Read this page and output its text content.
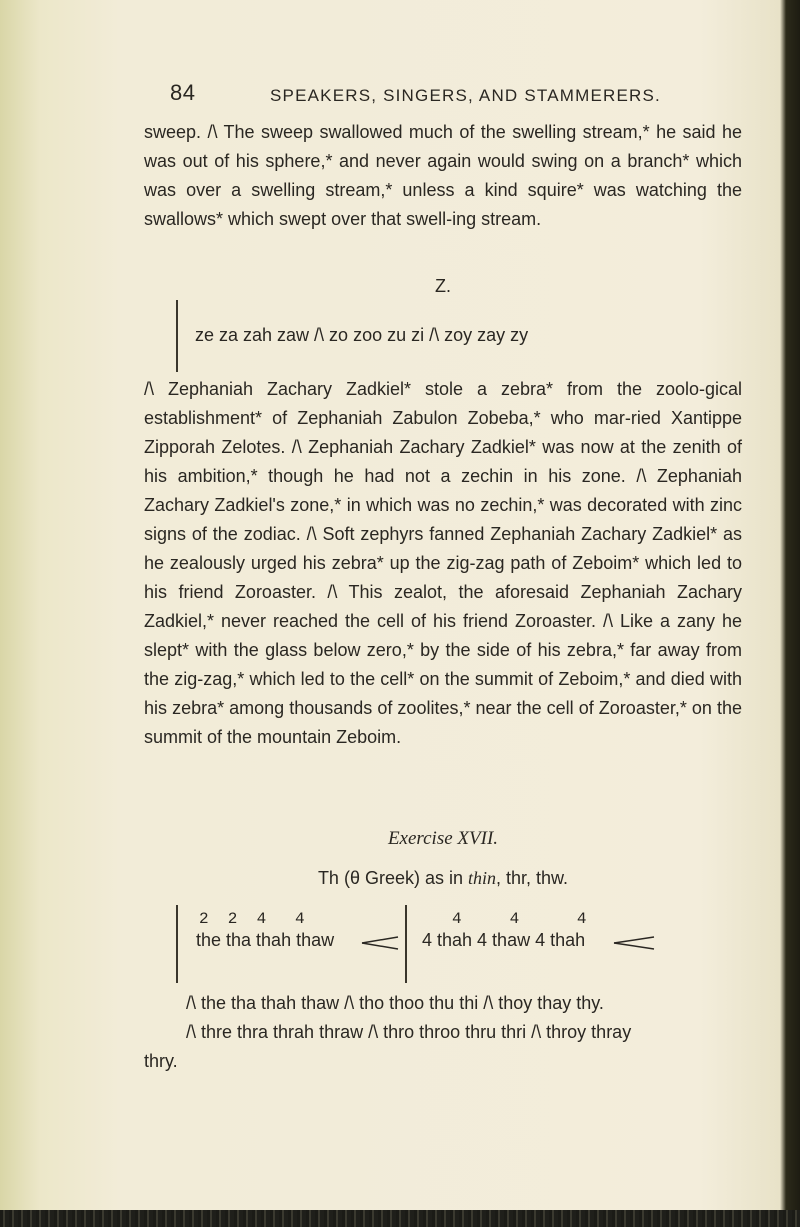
84	SPEAKERS, SINGERS, AND STAMMERERS.

sweep. /\ The sweep swallowed much of the swelling stream,* he said he was out of his sphere,* and never again would swing on a branch* which was over a swelling stream,* unless a kind squire* was watching the swallows* which swept over that swell-ing stream.

Z.
ze za zah zaw /\ zo zoo zu zi /\ zoy zay zy

/\ Zephaniah Zachary Zadkiel* stole a zebra* from the zoolo-gical establishment* of Zephaniah Zabulon Zobeba,* who mar-ried Xantippe Zipporah Zelotes. /\ Zephaniah Zachary Zadkiel* was now at the zenith of his ambition,* though he had not a zechin in his zone. /\ Zephaniah Zachary Zadkiel's zone,* in which was no zechin,* was decorated with zinc signs of the zodiac. /\ Soft zephyrs fanned Zephaniah Zachary Zadkiel* as he zealously urged his zebra* up the zig-zag path of Zeboim* which led to his friend Zoroaster. /\ This zealot, the aforesaid Zephaniah Zachary Zadkiel,* never reached the cell of his friend Zoroaster. /\ Like a zany he slept* with the glass below zero,* by the side of his zebra,* far away from the zig-zag,* which led to the cell* on the summit of Zeboim,* and died with his zebra* among thousands of zoolites,* near the cell of Zoroaster,* on the summit of the mountain Zeboim.

Exercise XVII.
Th (θ Greek) as in thin, thr, thw.
2  2  4   4
the tha thah thaw
4     4      4
4 thah 4 thaw 4 thah
/\ the tha thah thaw /\ tho thoo thu thi /\ thoy thay thy.
/\ thre thra thrah thraw /\ thro throo thru thri /\ throy thray
thry.
